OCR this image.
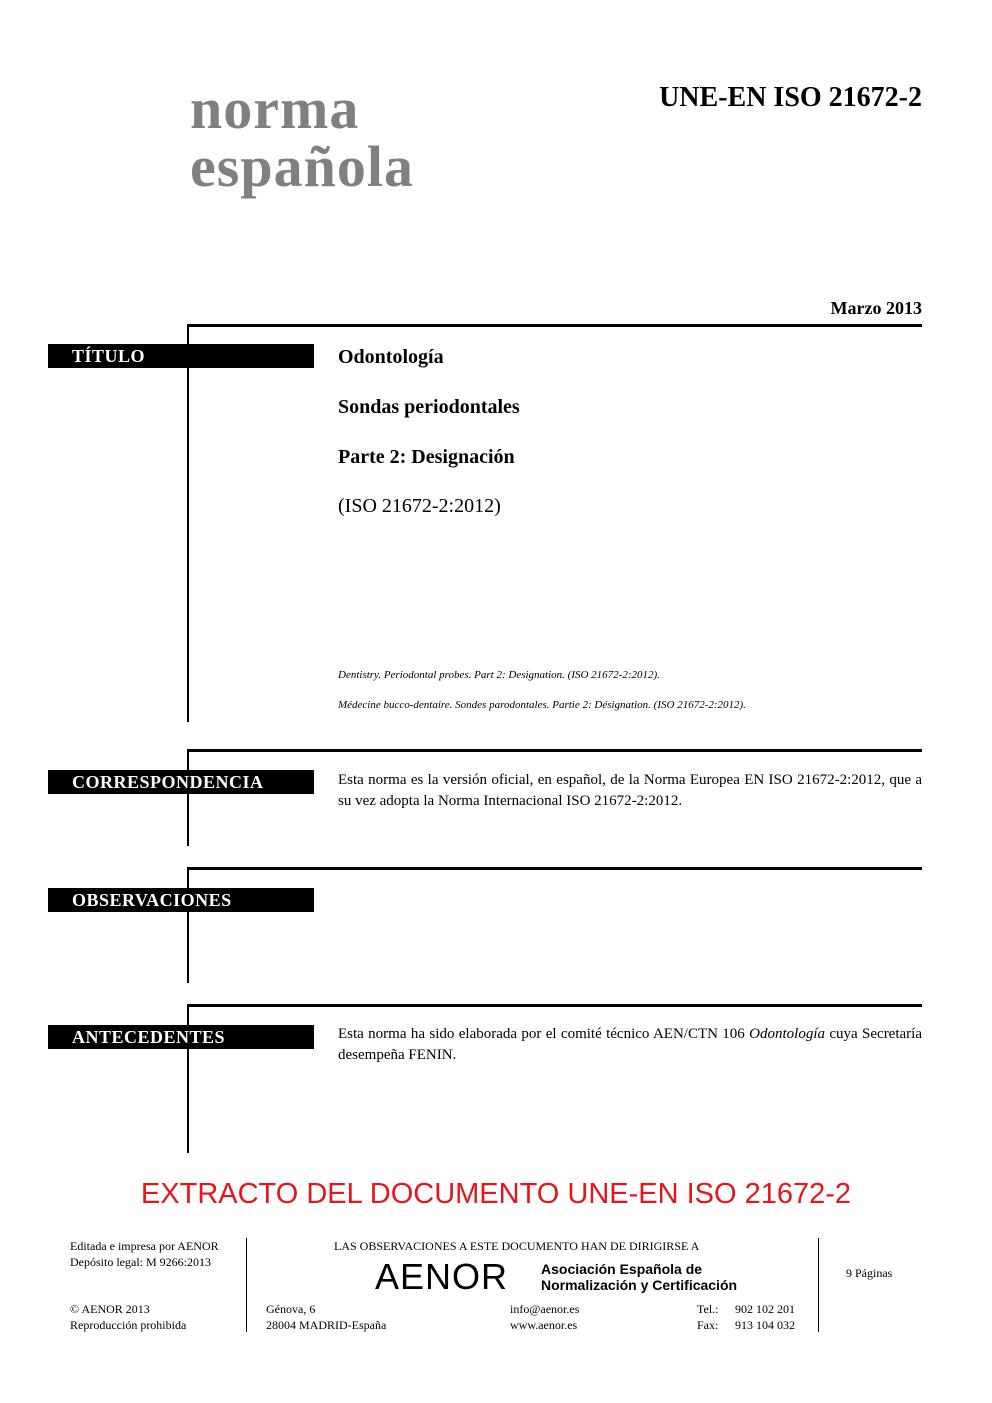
norma
española
UNE-EN ISO 21672-2
Marzo 2013
TÍTULO	Odontología
Sondas periodontales
Parte 2: Designación
(ISO 21672-2:2012)
Dentistry. Periodontal probes. Part 2: Designation. (ISO 21672-2:2012).
Médecine bucco-dentaire. Sondes parodontales. Partie 2: Désignation. (ISO 21672-2:2012).
CORRESPONDENCIA	Esta norma es la versión oficial, en español, de la Norma Europea EN ISO 21672-2:2012, que a su vez adopta la Norma Internacional ISO 21672-2:2012.
OBSERVACIONES
ANTECEDENTES	Esta norma ha sido elaborada por el comité técnico AEN/CTN 106 Odontología cuya Secretaría desempeña FENIN.
EXTRACTO DEL DOCUMENTO UNE-EN ISO 21672-2
Editada e impresa por AENOR
Depósito legal: M 9266:2013
© AENOR 2013
Reproducción prohibida
LAS OBSERVACIONES A ESTE DOCUMENTO HAN DE DIRIGIRSE A
AENOR Asociación Española de
Normalización y Certificación
Génova, 6
28004 MADRID-España
info@aenor.es
www.aenor.es
Tel.: 902 102 201
Fax: 913 104 032
9 Páginas
